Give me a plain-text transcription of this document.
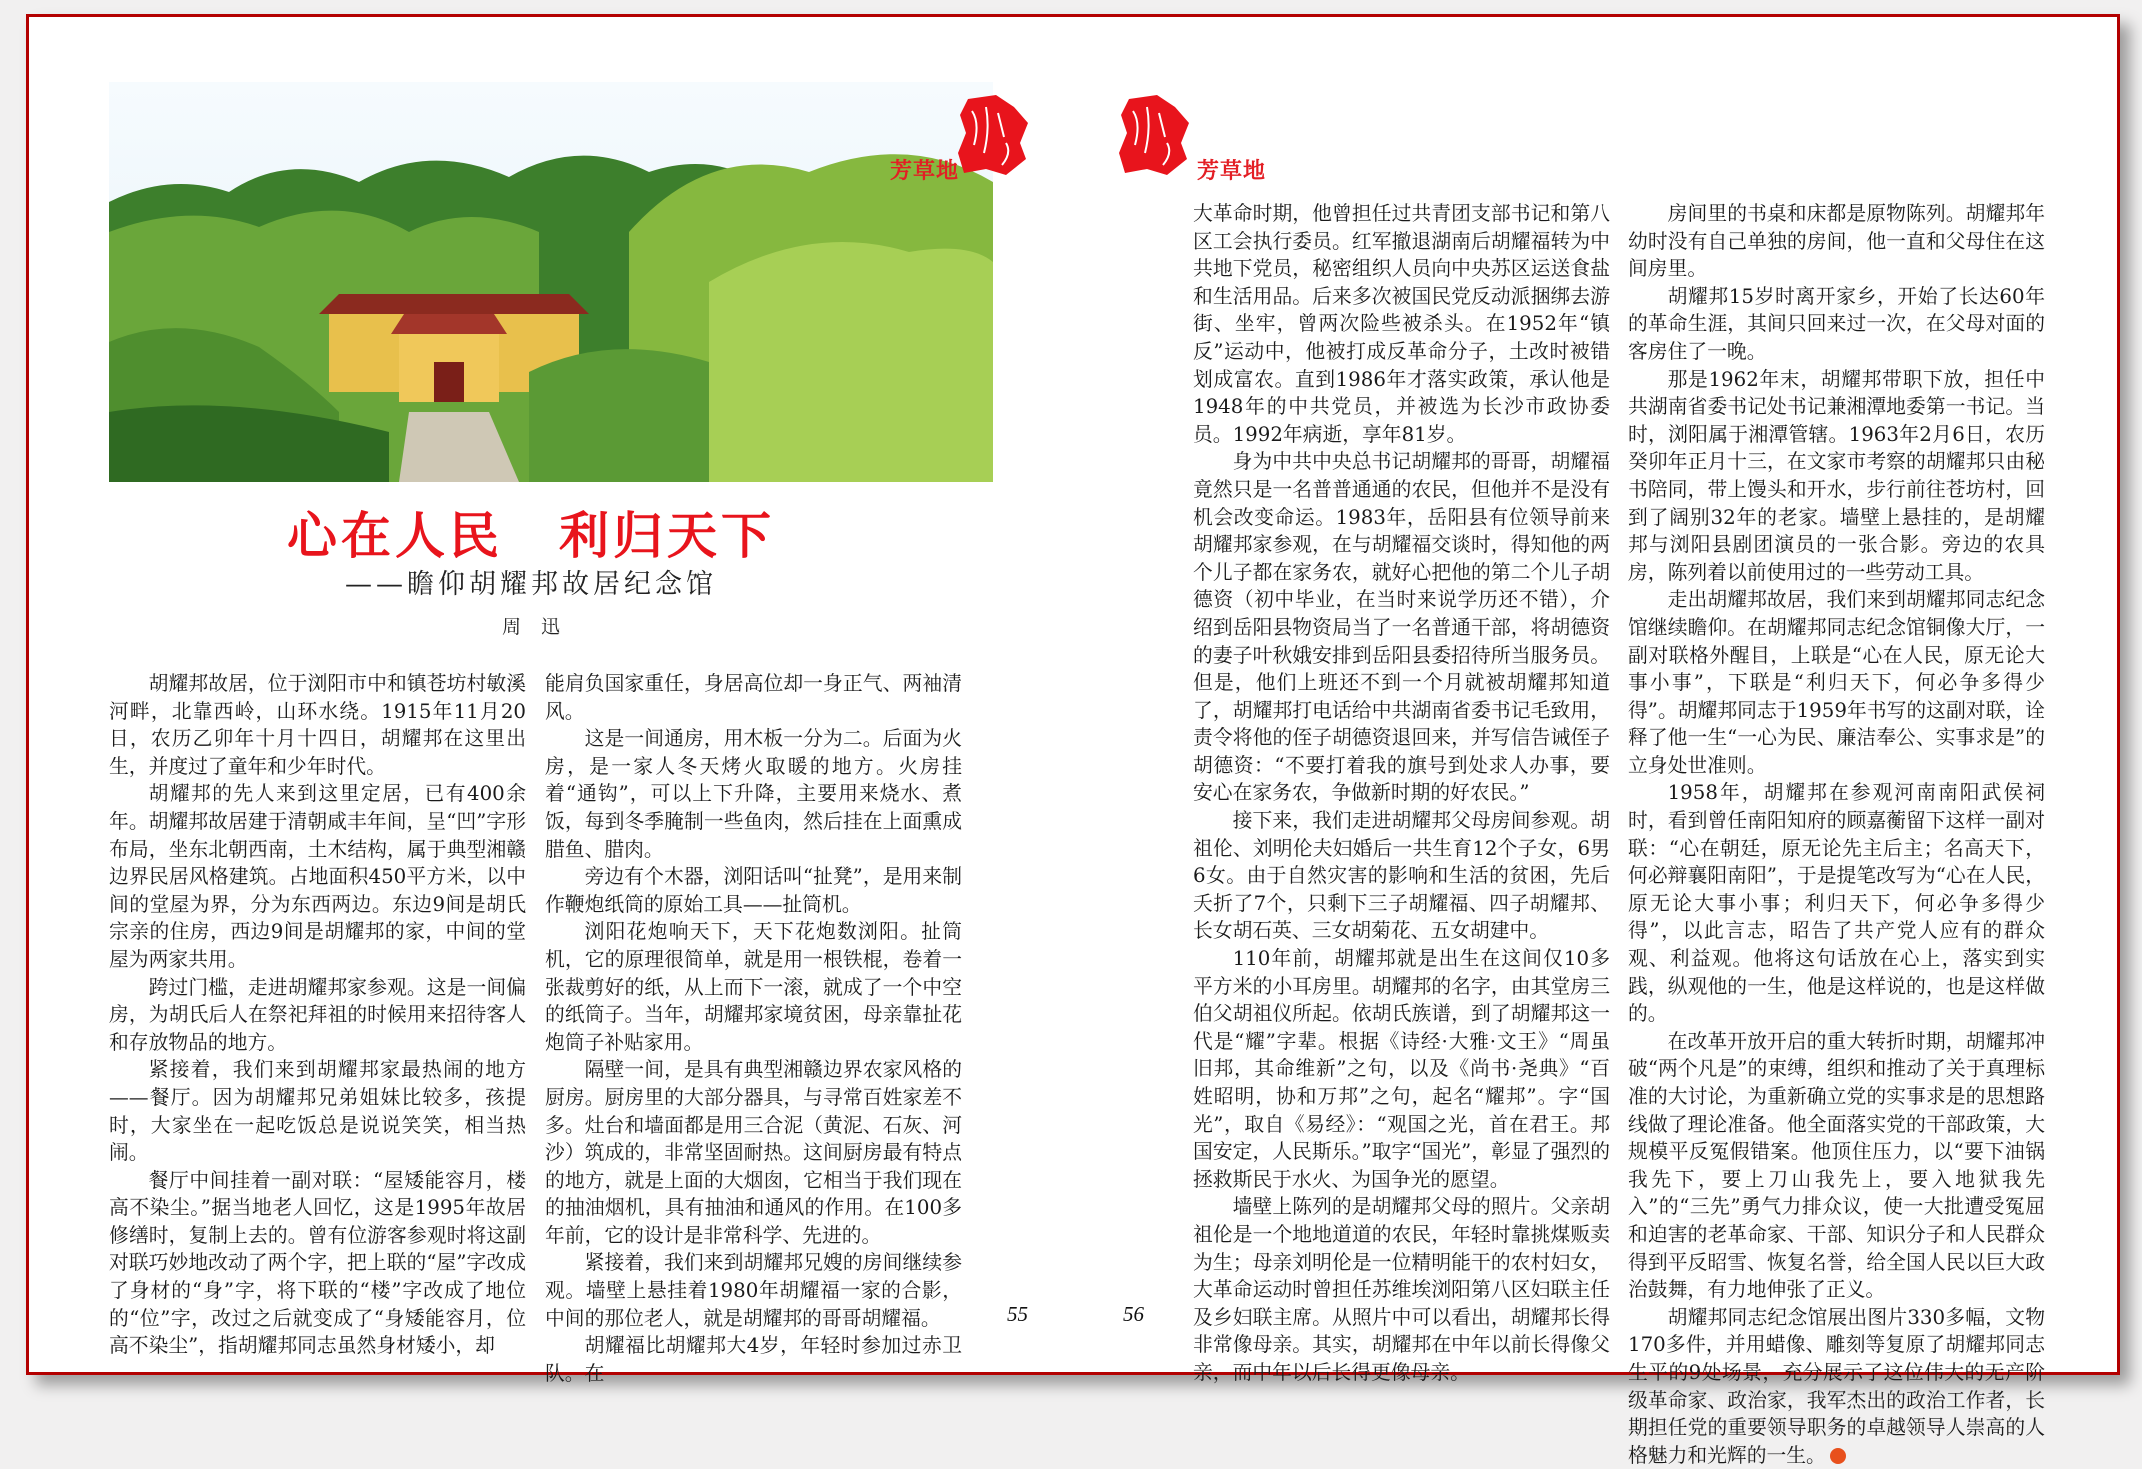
芳草地	芳草地
心在人民 利归天下
——瞻仰胡耀邦故居纪念馆
周迅

胡耀邦故居，位于浏阳市中和镇苍坊村敏溪河畔，北靠西岭，山环水绕。1915年11月20日，农历乙卯年十月十四日，胡耀邦在这里出生，并度过了童年和少年时代。

胡耀邦的先人来到这里定居，已有400余年。胡耀邦故居建于清朝咸丰年间，呈“凹”字形布局，坐东北朝西南，土木结构，属于典型湘赣边界民居风格建筑。占地面积450平方米，以中间的堂屋为界，分为东西两边。东边9间是胡氏宗亲的住房，西边9间是胡耀邦的家，中间的堂屋为两家共用。

跨过门槛，走进胡耀邦家参观。这是一间偏房，为胡氏后人在祭祀拜祖的时候用来招待客人和存放物品的地方。

紧接着，我们来到胡耀邦家最热闹的地方——餐厅。因为胡耀邦兄弟姐妹比较多，孩提时，大家坐在一起吃饭总是说说笑笑，相当热闹。

餐厅中间挂着一副对联：“屋矮能容月，楼高不染尘。”据当地老人回忆，这是1995年故居修缮时，复制上去的。曾有位游客参观时将这副对联巧妙地改动了两个字，把上联的“屋”字改成了身材的“身”字，将下联的“楼”字改成了地位的“位”字，改过之后就变成了“身矮能容月，位高不染尘”，指胡耀邦同志虽然身材矮小，却

能肩负国家重任，身居高位却一身正气、两袖清风。

这是一间通房，用木板一分为二。后面为火房，是一家人冬天烤火取暖的地方。火房挂着“通钩”，可以上下升降，主要用来烧水、煮饭，每到冬季腌制一些鱼肉，然后挂在上面熏成腊鱼、腊肉。

旁边有个木器，浏阳话叫“扯凳”，是用来制作鞭炮纸筒的原始工具——扯筒机。

浏阳花炮响天下，天下花炮数浏阳。扯筒机，它的原理很简单，就是用一根铁棍，卷着一张裁剪好的纸，从上而下一滚，就成了一个中空的纸筒子。当年，胡耀邦家境贫困，母亲靠扯花炮筒子补贴家用。

隔壁一间，是具有典型湘赣边界农家风格的厨房。厨房里的大部分器具，与寻常百姓家差不多。灶台和墙面都是用三合泥（黄泥、石灰、河沙）筑成的，非常坚固耐热。这间厨房最有特点的地方，就是上面的大烟囱，它相当于我们现在的抽油烟机，具有抽油和通风的作用。在100多年前，它的设计是非常科学、先进的。

紧接着，我们来到胡耀邦兄嫂的房间继续参观。墙壁上悬挂着1980年胡耀福一家的合影，中间的那位老人，就是胡耀邦的哥哥胡耀福。

胡耀福比胡耀邦大4岁，年轻时参加过赤卫队。在

大革命时期，他曾担任过共青团支部书记和第八区工会执行委员。红军撤退湖南后胡耀福转为中共地下党员，秘密组织人员向中央苏区运送食盐和生活用品。后来多次被国民党反动派捆绑去游街、坐牢，曾两次险些被杀头。在1952年“镇反”运动中，他被打成反革命分子，土改时被错划成富农。直到1986年才落实政策，承认他是1948年的中共党员，并被选为长沙市政协委员。1992年病逝，享年81岁。

身为中共中央总书记胡耀邦的哥哥，胡耀福竟然只是一名普普通通的农民，但他并不是没有机会改变命运。1983年，岳阳县有位领导前来胡耀邦家参观，在与胡耀福交谈时，得知他的两个儿子都在家务农，就好心把他的第二个儿子胡德资（初中毕业，在当时来说学历还不错），介绍到岳阳县物资局当了一名普通干部，将胡德资的妻子叶秋娥安排到岳阳县委招待所当服务员。但是，他们上班还不到一个月就被胡耀邦知道了，胡耀邦打电话给中共湖南省委书记毛致用，责令将他的侄子胡德资退回来，并写信告诫侄子胡德资：“不要打着我的旗号到处求人办事，要安心在家务农，争做新时期的好农民。”

接下来，我们走进胡耀邦父母房间参观。胡祖伦、刘明伦夫妇婚后一共生育12个子女，6男6女。由于自然灾害的影响和生活的贫困，先后夭折了7个，只剩下三子胡耀福、四子胡耀邦、长女胡石英、三女胡菊花、五女胡建中。

110年前，胡耀邦就是出生在这间仅10多平方米的小耳房里。胡耀邦的名字，由其堂房三伯父胡祖仪所起。依胡氏族谱，到了胡耀邦这一代是“耀”字辈。根据《诗经·大雅·文王》“周虽旧邦，其命维新”之句，以及《尚书·尧典》“百姓昭明，协和万邦”之句，起名“耀邦”。字“国光”，取自《易经》：“观国之光，首在君王。邦国安定，人民斯乐。”取字“国光”，彰显了强烈的拯救斯民于水火、为国争光的愿望。

墙壁上陈列的是胡耀邦父母的照片。父亲胡祖伦是一个地地道道的农民，年轻时靠挑煤贩卖为生；母亲刘明伦是一位精明能干的农村妇女，大革命运动时曾担任苏维埃浏阳第八区妇联主任及乡妇联主席。从照片中可以看出，胡耀邦长得非常像母亲。其实，胡耀邦在中年以前长得像父亲，而中年以后长得更像母亲。

房间里的书桌和床都是原物陈列。胡耀邦年幼时没有自己单独的房间，他一直和父母住在这间房里。

胡耀邦15岁时离开家乡，开始了长达60年的革命生涯，其间只回来过一次，在父母对面的客房住了一晚。

那是1962年末，胡耀邦带职下放，担任中共湖南省委书记处书记兼湘潭地委第一书记。当时，浏阳属于湘潭管辖。1963年2月6日，农历癸卯年正月十三，在文家市考察的胡耀邦只由秘书陪同，带上馒头和开水，步行前往苍坊村，回到了阔别32年的老家。墙壁上悬挂的，是胡耀邦与浏阳县剧团演员的一张合影。旁边的农具房，陈列着以前使用过的一些劳动工具。

走出胡耀邦故居，我们来到胡耀邦同志纪念馆继续瞻仰。在胡耀邦同志纪念馆铜像大厅，一副对联格外醒目，上联是“心在人民，原无论大事小事”，下联是“利归天下，何必争多得少得”。胡耀邦同志于1959年书写的这副对联，诠释了他一生“一心为民、廉洁奉公、实事求是”的立身处世准则。

1958年，胡耀邦在参观河南南阳武侯祠时，看到曾任南阳知府的顾嘉蘅留下这样一副对联：“心在朝廷，原无论先主后主；名高天下，何必辩襄阳南阳”，于是提笔改写为“心在人民，原无论大事小事；利归天下，何必争多得少得”，以此言志，昭告了共产党人应有的群众观、利益观。他将这句话放在心上，落实到实践，纵观他的一生，他是这样说的，也是这样做的。

在改革开放开启的重大转折时期，胡耀邦冲破“两个凡是”的束缚，组织和推动了关于真理标准的大讨论，为重新确立党的实事求是的思想路线做了理论准备。他全面落实党的干部政策，大规模平反冤假错案。他顶住压力，以“要下油锅我先下，要上刀山我先上，要入地狱我先入”的“三先”勇气力排众议，使一大批遭受冤屈和迫害的老革命家、干部、知识分子和人民群众得到平反昭雪、恢复名誉，给全国人民以巨大政治鼓舞，有力地伸张了正义。

胡耀邦同志纪念馆展出图片330多幅，文物170多件，并用蜡像、雕刻等复原了胡耀邦同志生平的9处场景，充分展示了这位伟大的无产阶级革命家、政治家，我军杰出的政治工作者，长期担任党的重要领导职务的卓越领导人崇高的人格魅力和光辉的一生。

55	56
